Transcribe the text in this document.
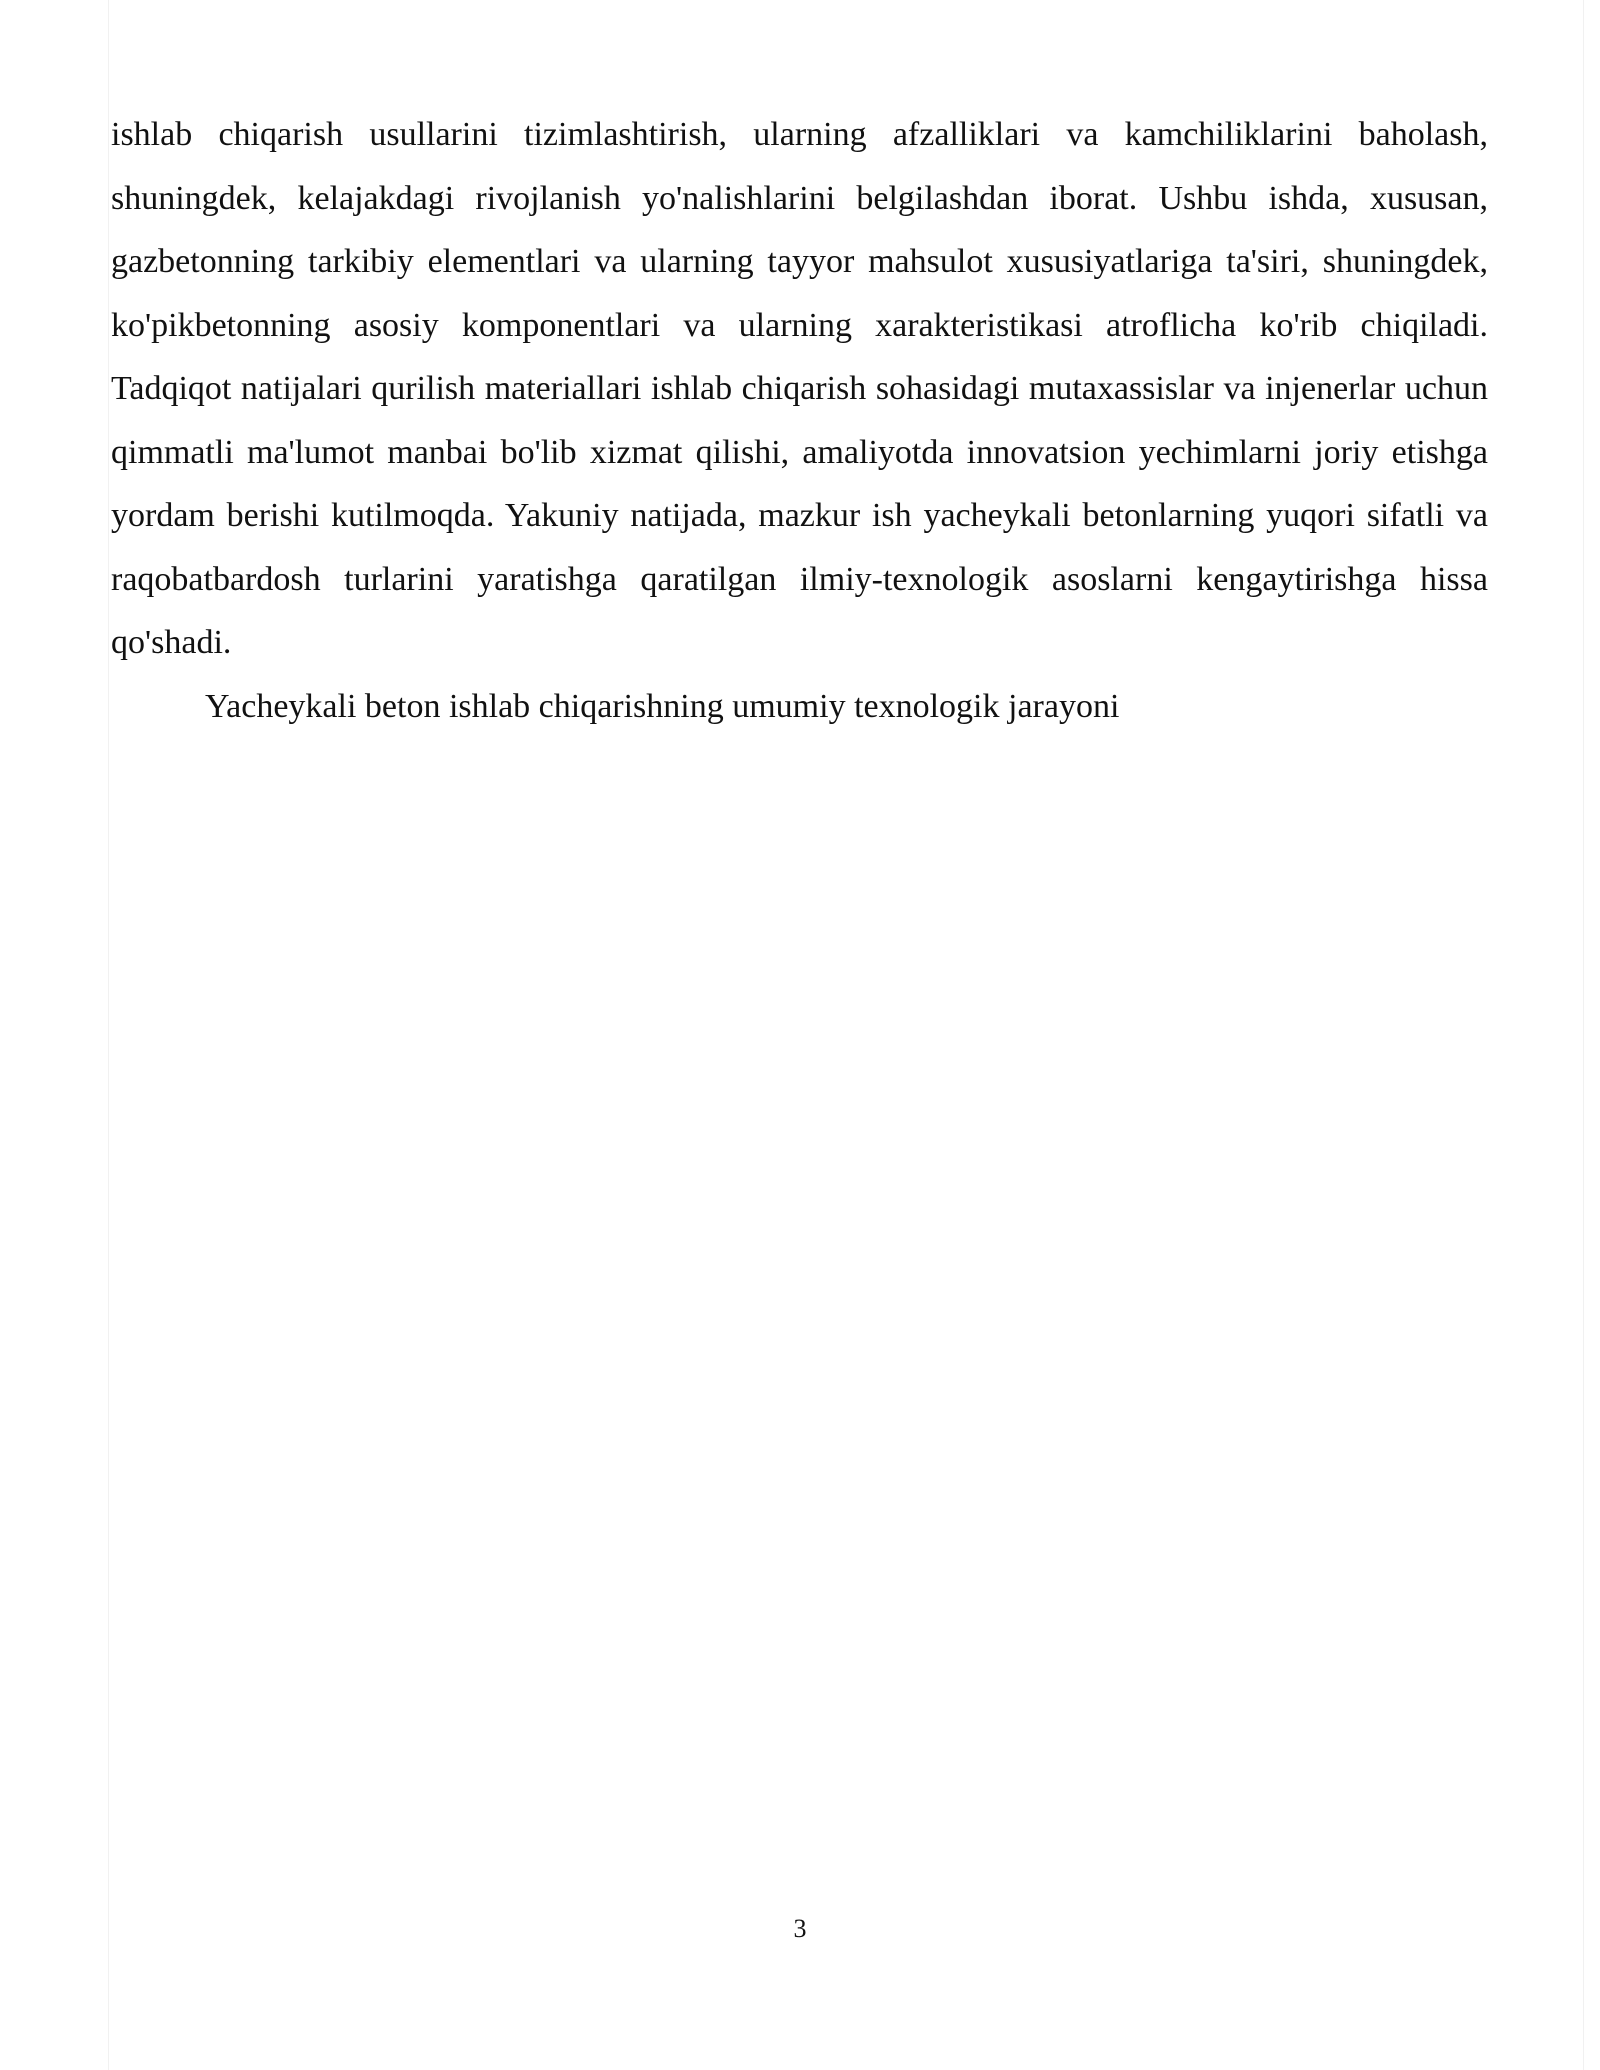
ishlab chiqarish usullarini tizimlashtirish, ularning afzalliklari va kamchiliklarini baholash, shuningdek, kelajakdagi rivojlanish yo'nalishlarini belgilashdan iborat. Ushbu ishda, xususan, gazbetonning tarkibiy elementlari va ularning tayyor mahsulot xususiyatlariga ta'siri, shuningdek, ko'pikbetonning asosiy komponentlari va ularning xarakteristikasi atroflicha ko'rib chiqiladi. Tadqiqot natijalari qurilish materiallari ishlab chiqarish sohasidagi mutaxassislar va injenerlar uchun qimmatli ma'lumot manbai bo'lib xizmat qilishi, amaliyotda innovatsion yechimlarni joriy etishga yordam berishi kutilmoqda. Yakuniy natijada, mazkur ish yacheykali betonlarning yuqori sifatli va raqobatbardosh turlarini yaratishga qaratilgan ilmiy-texnologik asoslarni kengaytirishga hissa qo'shadi.

Yacheykali beton ishlab chiqarishning umumiy texnologik jarayoni

3
